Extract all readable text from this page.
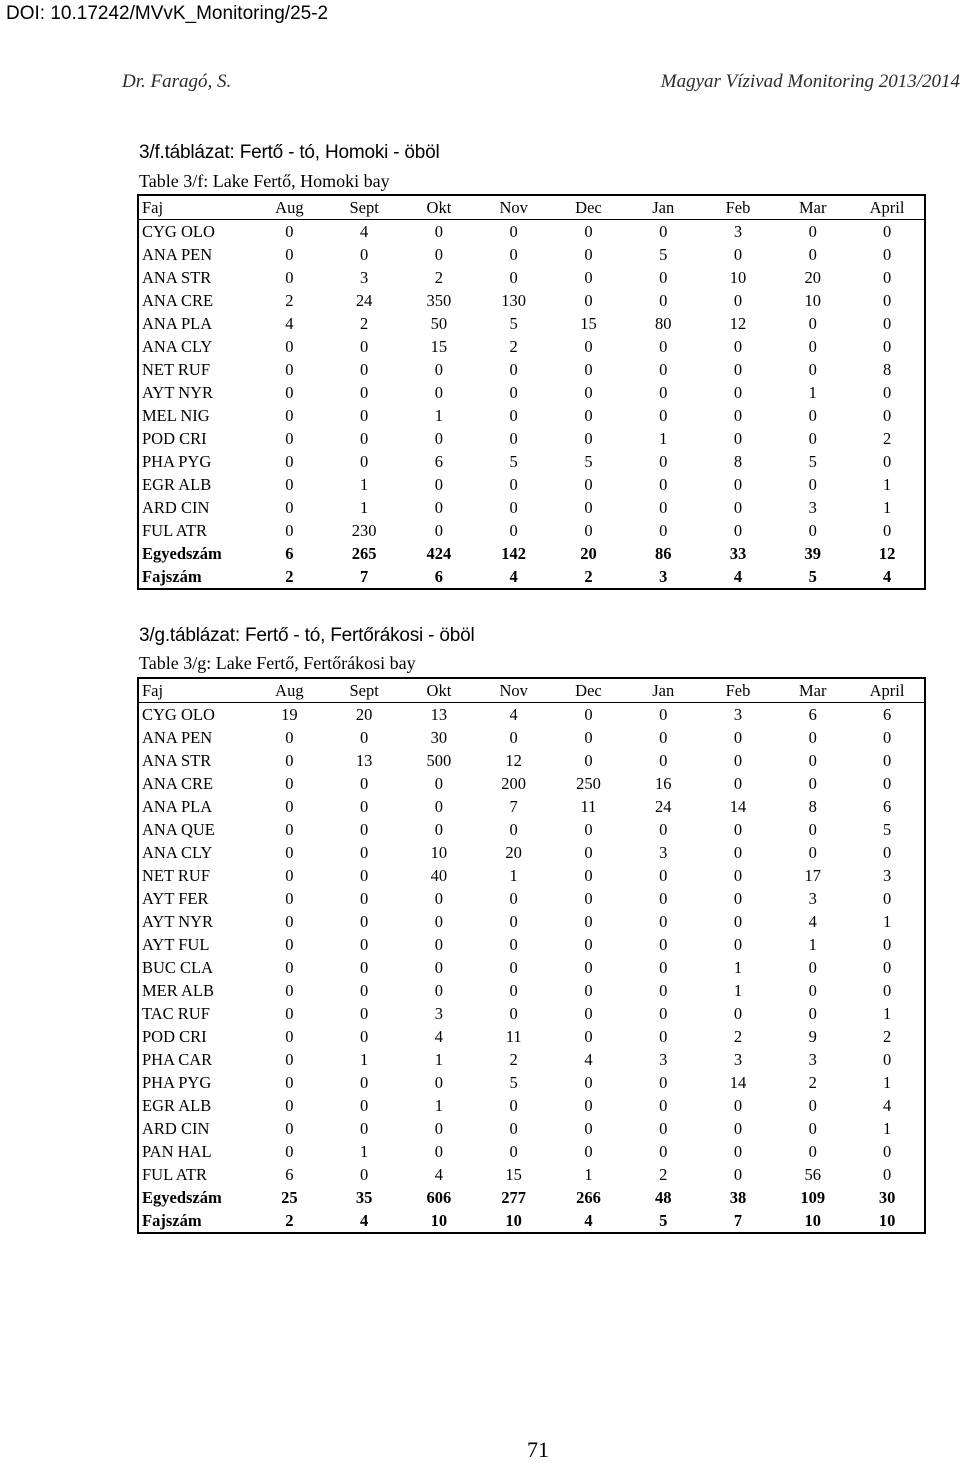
DOI: 10.17242/MVvK_Monitoring/25-2
Dr. Faragó, S.	Magyar Vízivad Monitoring 2013/2014
3/f.táblázat: Fertő - tó, Homoki - öböl
Table 3/f: Lake Fertő, Homoki bay
Faj	Aug	Sept	Okt	Nov	Dec	Jan	Feb	Mar	April
CYG OLO	0	4	0	0	0	0	3	0	0
ANA PEN	0	0	0	0	0	5	0	0	0
ANA STR	0	3	2	0	0	0	10	20	0
ANA CRE	2	24	350	130	0	0	0	10	0
ANA PLA	4	2	50	5	15	80	12	0	0
ANA CLY	0	0	15	2	0	0	0	0	0
NET RUF	0	0	0	0	0	0	0	0	8
AYT NYR	0	0	0	0	0	0	0	1	0
MEL NIG	0	0	1	0	0	0	0	0	0
POD CRI	0	0	0	0	0	1	0	0	2
PHA PYG	0	0	6	5	5	0	8	5	0
EGR ALB	0	1	0	0	0	0	0	0	1
ARD CIN	0	1	0	0	0	0	0	3	1
FUL ATR	0	230	0	0	0	0	0	0	0
Egyedszám	6	265	424	142	20	86	33	39	12
Fajszám	2	7	6	4	2	3	4	5	4
3/g.táblázat: Fertő - tó, Fertőrákosi - öböl
Table 3/g: Lake Fertő, Fertőrákosi bay
Faj	Aug	Sept	Okt	Nov	Dec	Jan	Feb	Mar	April
CYG OLO	19	20	13	4	0	0	3	6	6
ANA PEN	0	0	30	0	0	0	0	0	0
ANA STR	0	13	500	12	0	0	0	0	0
ANA CRE	0	0	0	200	250	16	0	0	0
ANA PLA	0	0	0	7	11	24	14	8	6
ANA QUE	0	0	0	0	0	0	0	0	5
ANA CLY	0	0	10	20	0	3	0	0	0
NET RUF	0	0	40	1	0	0	0	17	3
AYT FER	0	0	0	0	0	0	0	3	0
AYT NYR	0	0	0	0	0	0	0	4	1
AYT FUL	0	0	0	0	0	0	0	1	0
BUC CLA	0	0	0	0	0	0	1	0	0
MER ALB	0	0	0	0	0	0	1	0	0
TAC RUF	0	0	3	0	0	0	0	0	1
POD CRI	0	0	4	11	0	0	2	9	2
PHA CAR	0	1	1	2	4	3	3	3	0
PHA PYG	0	0	0	5	0	0	14	2	1
EGR ALB	0	0	1	0	0	0	0	0	4
ARD CIN	0	0	0	0	0	0	0	0	1
PAN HAL	0	1	0	0	0	0	0	0	0
FUL ATR	6	0	4	15	1	2	0	56	0
Egyedszám	25	35	606	277	266	48	38	109	30
Fajszám	2	4	10	10	4	5	7	10	10
71
